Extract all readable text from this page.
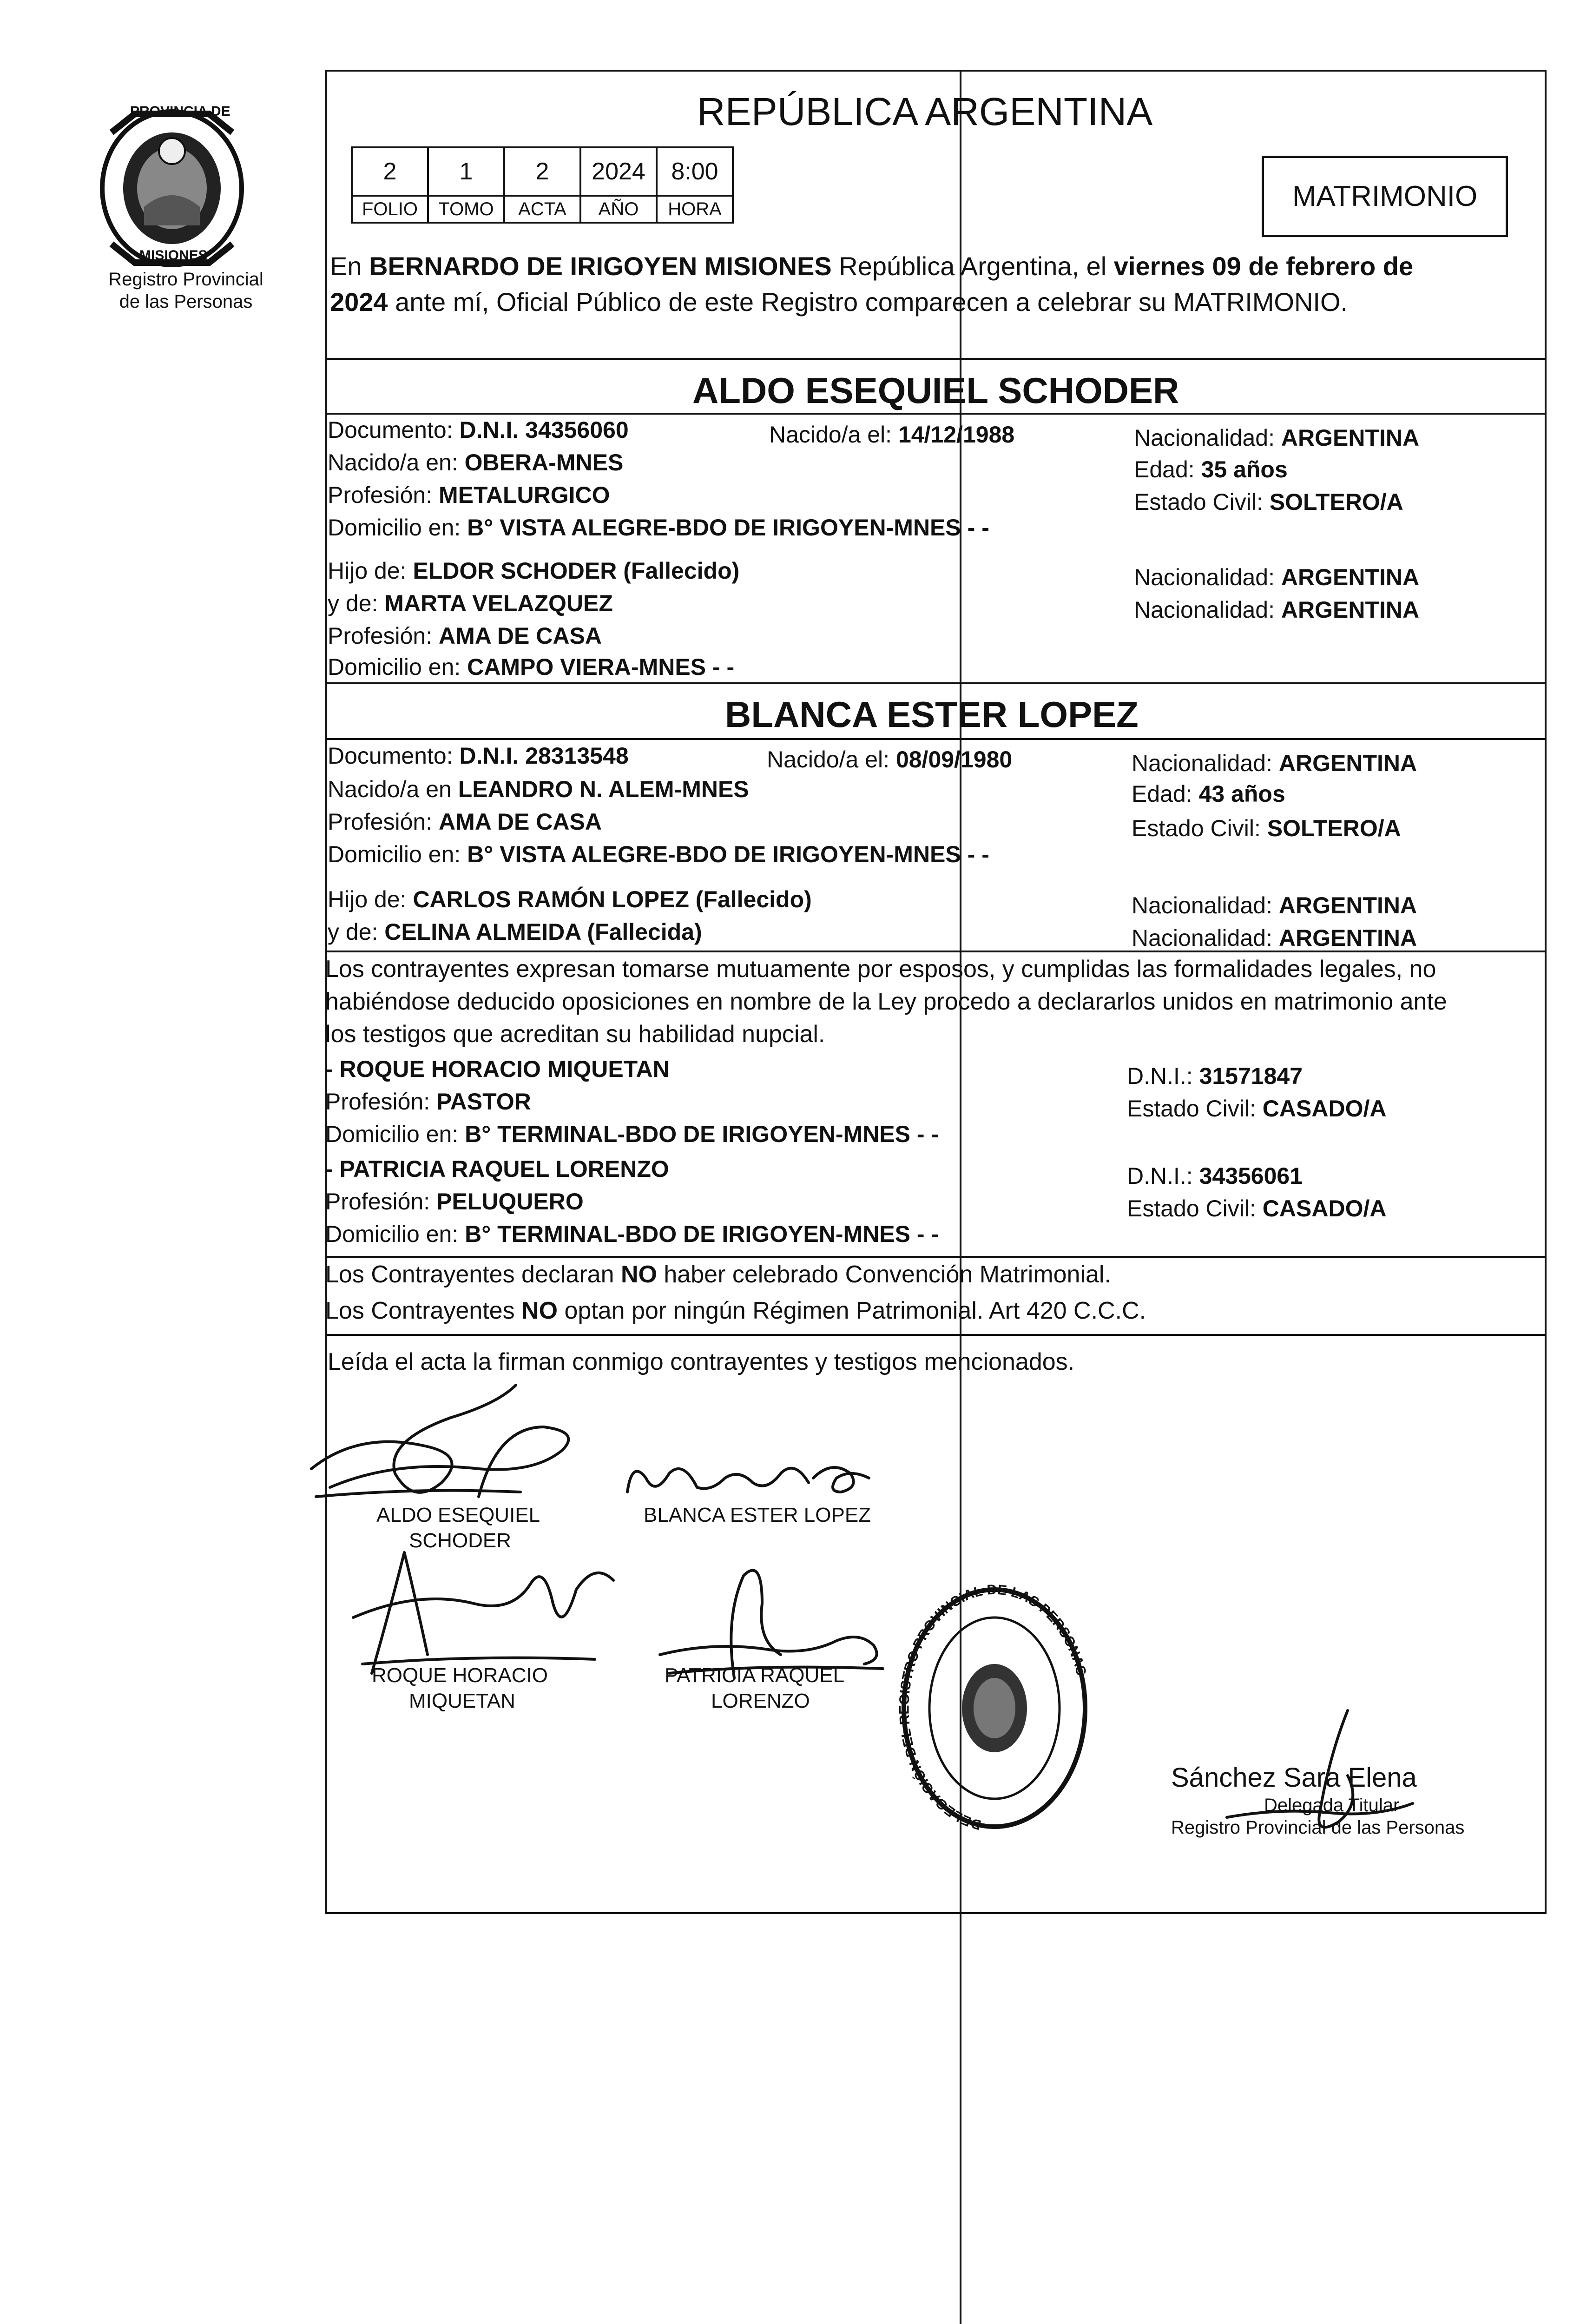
PROVINCIA DE
MISIONES
Registro Provincial
de las Personas
REPÚBLICA ARGENTINA
2	1	2	2024	8:00
FOLIO	TOMO	ACTA	AÑO	HORA	MATRIMONIO
En BERNARDO DE IRIGOYEN MISIONES República Argentina, el viernes 09 de febrero de
2024 ante mí, Oficial Público de este Registro comparecen a celebrar su MATRIMONIO.
ALDO ESEQUIEL SCHODER
Documento: D.N.I. 34356060	Nacido/a el: 14/12/1988	Nacionalidad: ARGENTINA
Nacido/a en: OBERA-MNES	Edad: 35 años
Profesión: METALURGICO	Estado Civil: SOLTERO/A
Domicilio en: B° VISTA ALEGRE-BDO DE IRIGOYEN-MNES - -
Hijo de: ELDOR SCHODER (Fallecido)	Nacionalidad: ARGENTINA
y de: MARTA VELAZQUEZ	Nacionalidad: ARGENTINA
Profesión: AMA DE CASA
Domicilio en: CAMPO VIERA-MNES - -
BLANCA ESTER LOPEZ
Documento: D.N.I. 28313548	Nacido/a el: 08/09/1980	Nacionalidad: ARGENTINA
Nacido/a en LEANDRO N. ALEM-MNES	Edad: 43 años
Profesión: AMA DE CASA	Estado Civil: SOLTERO/A
Domicilio en: B° VISTA ALEGRE-BDO DE IRIGOYEN-MNES - -
Hijo de: CARLOS RAMÓN LOPEZ (Fallecido)	Nacionalidad: ARGENTINA
y de: CELINA ALMEIDA (Fallecida)	Nacionalidad: ARGENTINA
Los contrayentes expresan tomarse mutuamente por esposos, y cumplidas las formalidades legales, no
habiéndose deducido oposiciones en nombre de la Ley procedo a declararlos unidos en matrimonio ante
los testigos que acreditan su habilidad nupcial.
- ROQUE HORACIO MIQUETAN	D.N.I.: 31571847
Profesión: PASTOR	Estado Civil: CASADO/A
Domicilio en: B° TERMINAL-BDO DE IRIGOYEN-MNES - -
- PATRICIA RAQUEL LORENZO	D.N.I.: 34356061
Profesión: PELUQUERO	Estado Civil: CASADO/A
Domicilio en: B° TERMINAL-BDO DE IRIGOYEN-MNES - -
Los Contrayentes declaran NO haber celebrado Convención Matrimonial.
Los Contrayentes NO optan por ningún Régimen Patrimonial. Art 420 C.C.C.
Leída el acta la firman conmigo contrayentes y testigos mencionados.
ALDO ESEQUIEL
SCHODER
BLANCA ESTER LOPEZ
ROQUE HORACIO
MIQUETAN
PATRICIA RAQUEL
LORENZO
DELEGACIÓN DEL REGISTRO PROVINCIAL DE LAS PERSONAS
Sánchez Sara Elena
Delegada Titular
Registro Provincial de las Personas
